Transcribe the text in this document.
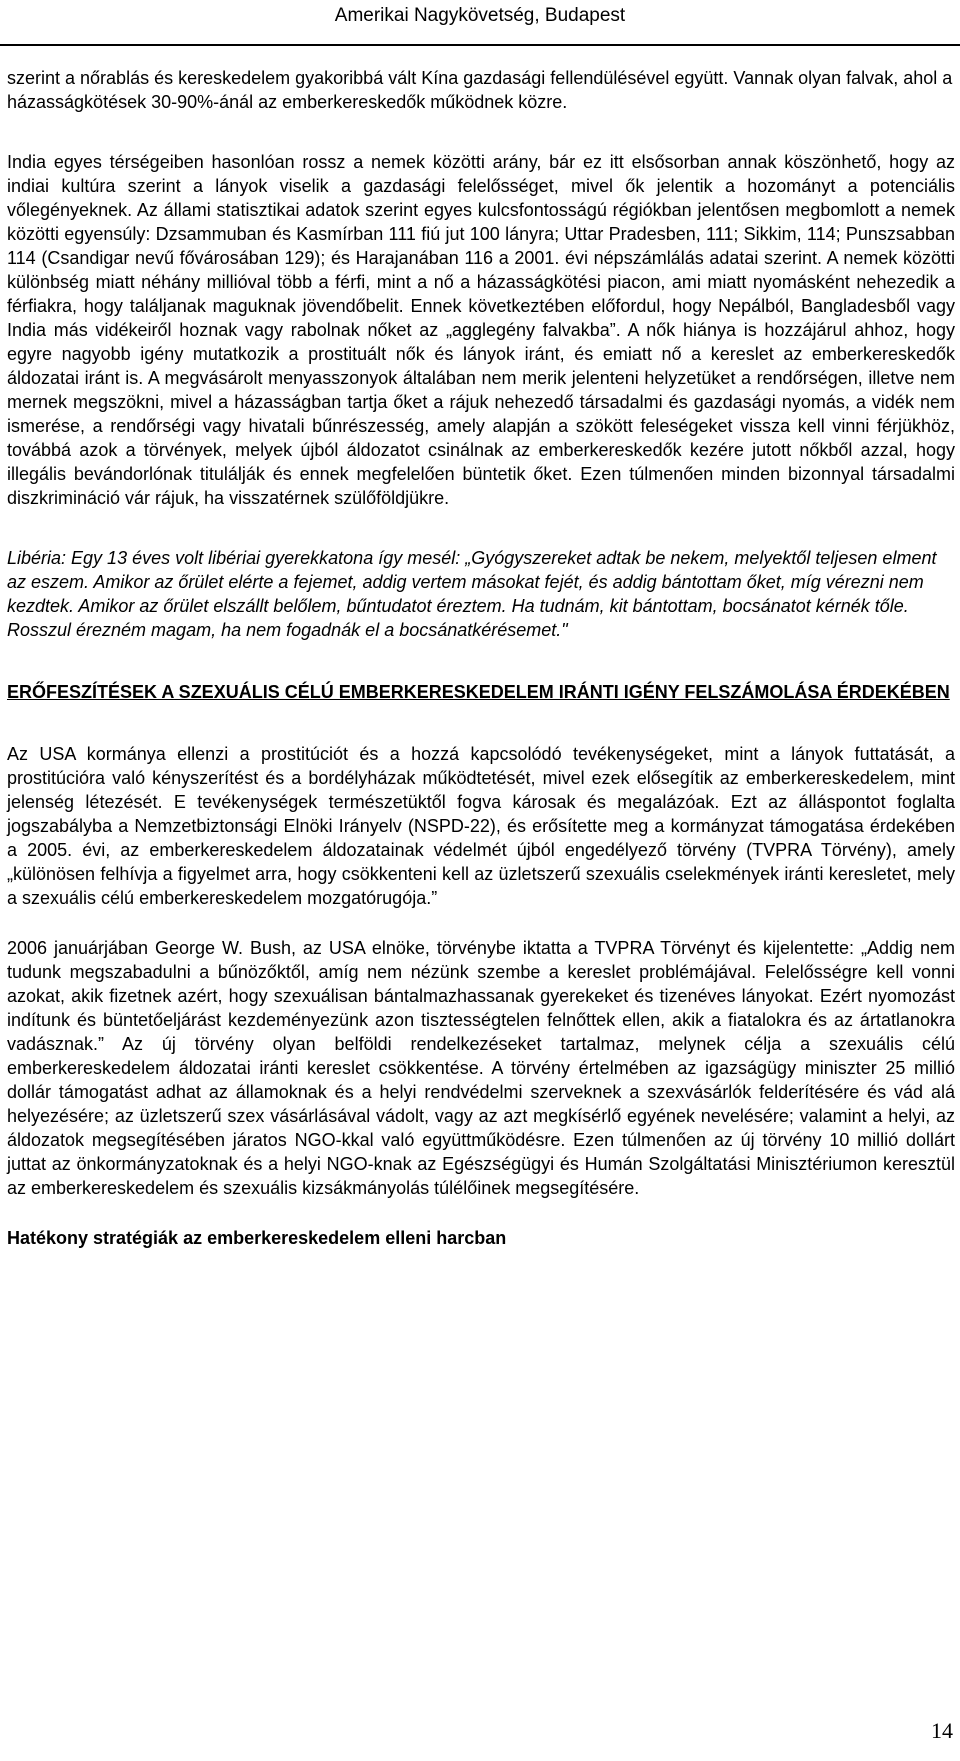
Amerikai Nagykövetség, Budapest

szerint a nőrablás és kereskedelem gyakoribbá vált Kína gazdasági fellendülésével együtt. Vannak olyan falvak, ahol a házasságkötések 30-90%-ánál az emberkereskedők működnek közre.

India egyes térségeiben hasonlóan rossz a nemek közötti arány, bár ez itt elsősorban annak köszönhető, hogy az indiai kultúra szerint a lányok viselik a gazdasági felelősséget, mivel ők jelentik a hozományt a potenciális vőlegényeknek. Az állami statisztikai adatok szerint egyes kulcsfontosságú régiókban jelentősen megbomlott a nemek közötti egyensúly: Dzsammuban és Kasmírban 111 fiú jut 100 lányra; Uttar Pradesben, 111; Sikkim, 114; Punszsabban 114 (Csandigar nevű fővárosában 129); és Harajanában 116 a 2001. évi népszámlálás adatai szerint. A nemek közötti különbség miatt néhány millióval több a férfi, mint a nő a házasságkötési piacon, ami miatt nyomásként nehezedik a férfiakra, hogy találjanak maguknak jövendőbelit. Ennek következtében előfordul, hogy Nepálból, Bangladesből vagy India más vidékeiről hoznak vagy rabolnak nőket az „agglegény falvakba”. A nők hiánya is hozzájárul ahhoz, hogy egyre nagyobb igény mutatkozik a prostituált nők és lányok iránt, és emiatt nő a kereslet az emberkereskedők áldozatai iránt is. A megvásárolt menyasszonyok általában nem merik jelenteni helyzetüket a rendőrségen, illetve nem mernek megszökni, mivel a házasságban tartja őket a rájuk nehezedő társadalmi és gazdasági nyomás, a vidék nem ismerése, a rendőrségi vagy hivatali bűnrészesség, amely alapján a szökött feleségeket vissza kell vinni férjükhöz, továbbá azok a törvények, melyek újból áldozatot csinálnak az emberkereskedők kezére jutott nőkből azzal, hogy illegális bevándorlónak titulálják és ennek megfelelően büntetik őket. Ezen túlmenően minden bizonnyal társadalmi diszkrimináció vár rájuk, ha visszatérnek szülőföldjükre.

Libéria: Egy 13 éves volt libériai gyerekkatona így mesél: „Gyógyszereket adtak be nekem, melyektől teljesen elment az eszem. Amikor az őrület elérte a fejemet, addig vertem másokat fejét, és addig bántottam őket, míg vérezni nem kezdtek. Amikor az őrület elszállt belőlem, bűntudatot éreztem. Ha tudnám, kit bántottam, bocsánatot kérnék tőle. Rosszul érezném magam, ha nem fogadnák el a bocsánatkérésemet."

ERŐFESZÍTÉSEK A SZEXUÁLIS CÉLÚ EMBERKERESKEDELEM IRÁNTI IGÉNY FELSZÁMOLÁSA ÉRDEKÉBEN

Az USA kormánya ellenzi a prostitúciót és a hozzá kapcsolódó tevékenységeket, mint a lányok futtatását, a prostitúcióra való kényszerítést és a bordélyházak működtetését, mivel ezek elősegítik az emberkereskedelem, mint jelenség létezését. E tevékenységek természetüktől fogva károsak és megalázóak. Ezt az álláspontot foglalta jogszabályba a Nemzetbiztonsági Elnöki Irányelv (NSPD-22), és erősítette meg a kormányzat támogatása érdekében a 2005. évi, az emberkereskedelem áldozatainak védelmét újból engedélyező törvény (TVPRA Törvény), amely „különösen felhívja a figyelmet arra, hogy csökkenteni kell az üzletszerű szexuális cselekmények iránti keresletet, mely a szexuális célú emberkereskedelem mozgatórugója.”

2006 januárjában George W. Bush, az USA elnöke, törvénybe iktatta a TVPRA Törvényt és kijelentette: „Addig nem tudunk megszabadulni a bűnözőktől, amíg nem nézünk szembe a kereslet problémájával. Felelősségre kell vonni azokat, akik fizetnek azért, hogy szexuálisan bántalmazhassanak gyerekeket és tizenéves lányokat. Ezért nyomozást indítunk és büntetőeljárást kezdeményezünk azon tisztességtelen felnőttek ellen, akik a fiatalokra és az ártatlanokra vadásznak.” Az új törvény olyan belföldi rendelkezéseket tartalmaz, melynek célja a szexuális célú emberkereskedelem áldozatai iránti kereslet csökkentése. A törvény értelmében az igazságügy miniszter 25 millió dollár támogatást adhat az államoknak és a helyi rendvédelmi szerveknek a szexvásárlók felderítésére és vád alá helyezésére; az üzletszerű szex vásárlásával vádolt, vagy az azt megkísérlő egyének nevelésére; valamint a helyi, az áldozatok megsegítésében járatos NGO-kkal való együttműködésre. Ezen túlmenően az új törvény 10 millió dollárt juttat az önkormányzatoknak és a helyi NGO-knak az Egészségügyi és Humán Szolgáltatási Minisztériumon keresztül az emberkereskedelem és szexuális kizsákmányolás túlélőinek megsegítésére.

Hatékony stratégiák az emberkereskedelem elleni harcban

14
